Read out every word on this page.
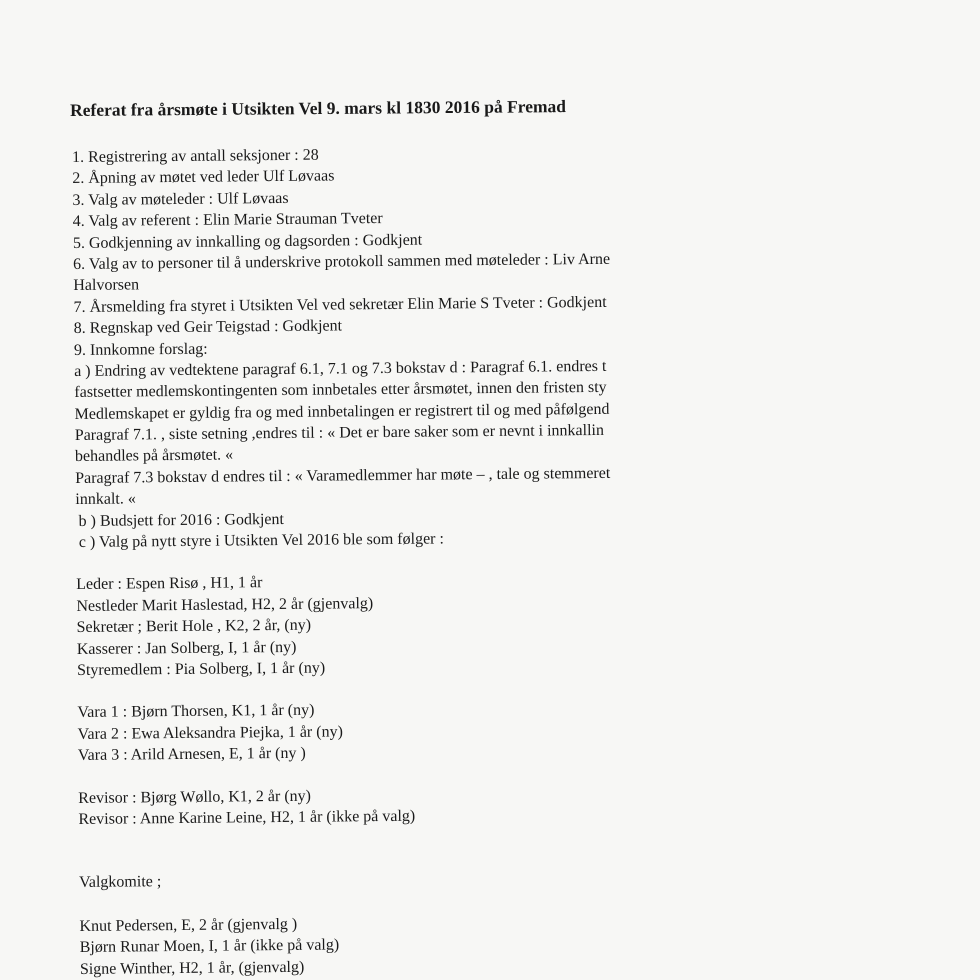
Referat fra årsmøte i Utsikten Vel 9. mars kl 1830 2016 på Fremad
1. Registrering av antall seksjoner : 28
2. Åpning av møtet ved leder Ulf Løvaas
3. Valg av møteleder : Ulf Løvaas
4. Valg av referent : Elin Marie Strauman Tveter
5. Godkjenning av innkalling og dagsorden : Godkjent
6. Valg av to personer til å underskrive protokoll sammen med møteleder : Liv Arne
Halvorsen
7. Årsmelding fra styret i Utsikten Vel ved sekretær Elin Marie S Tveter : Godkjent
8. Regnskap ved Geir Teigstad : Godkjent
9. Innkomne forslag:
a ) Endring av vedtektene paragraf 6.1, 7.1 og 7.3 bokstav d : Paragraf 6.1. endres t
fastsetter medlemskontingenten som innbetales etter årsmøtet, innen den fristen sty
Medlemskapet er gyldig fra og med innbetalingen er registrert til og med påfølgend
Paragraf 7.1. , siste setning ,endres til : « Det er bare saker som er nevnt i innkallin
behandles på årsmøtet. «
Paragraf 7.3 bokstav d endres til : « Varamedlemmer har møte – , tale og stemmeret
innkalt. «
b ) Budsjett for 2016 : Godkjent
c ) Valg på nytt styre i Utsikten Vel 2016 ble som følger :
Leder : Espen Risø , H1, 1 år
Nestleder Marit Haslestad, H2, 2 år (gjenvalg)
Sekretær ; Berit Hole , K2, 2 år, (ny)
Kasserer : Jan Solberg, I, 1 år (ny)
Styremedlem : Pia Solberg, I, 1 år (ny)
Vara 1 : Bjørn Thorsen, K1, 1 år (ny)
Vara 2 : Ewa Aleksandra Piejka, 1 år (ny)
Vara 3 : Arild Arnesen, E, 1 år (ny )
Revisor : Bjørg Wøllo, K1, 2 år (ny)
Revisor : Anne Karine Leine, H2, 1 år (ikke på valg)
Valgkomite ;
Knut Pedersen, E, 2 år (gjenvalg )
Bjørn Runar Moen, I, 1 år (ikke på valg)
Signe Winther, H2, 1 år, (gjenvalg)
